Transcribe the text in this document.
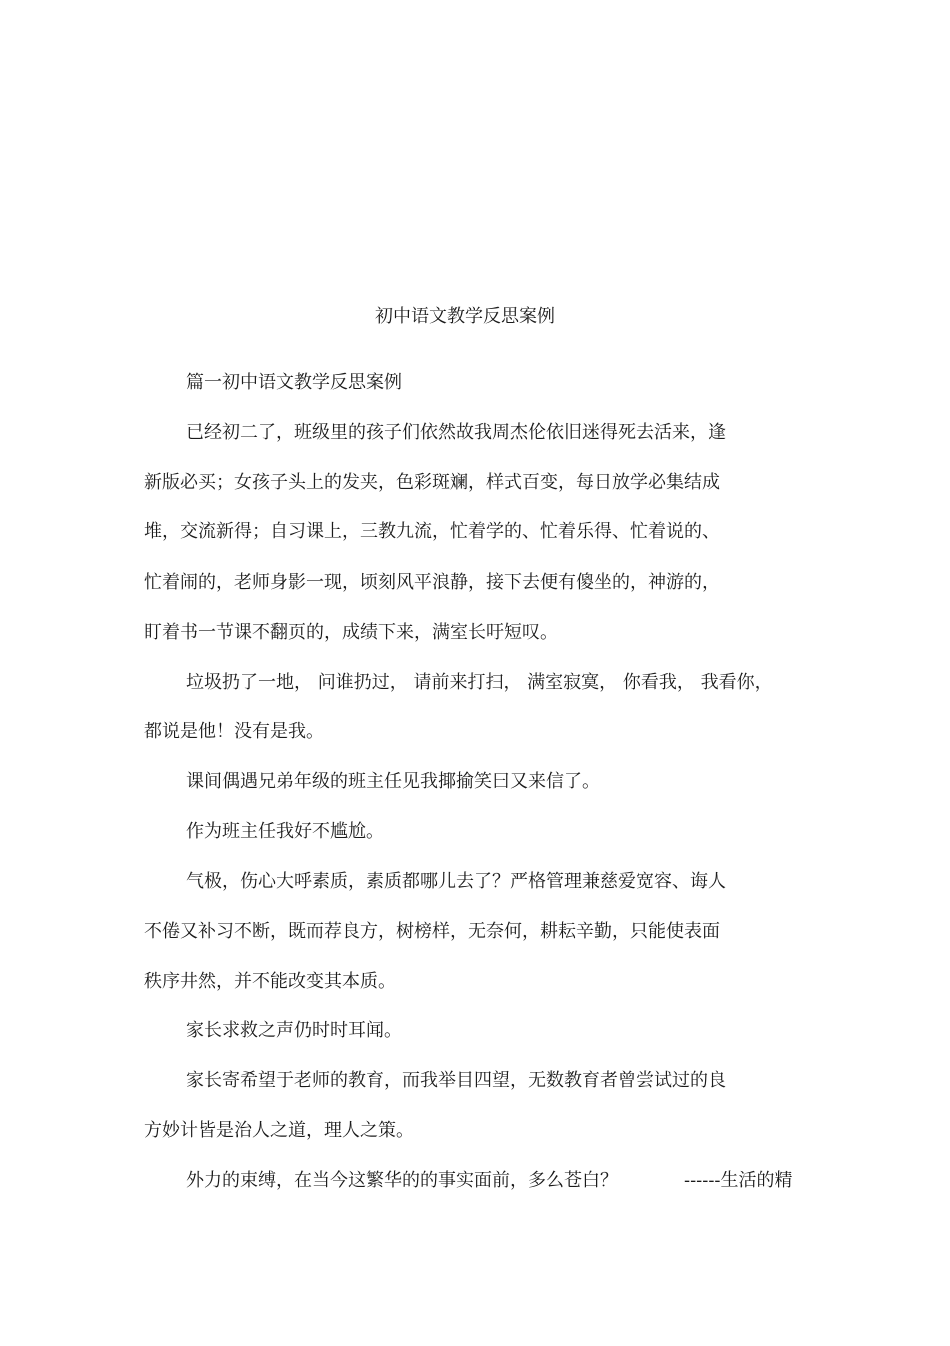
初中语文教学反思案例
篇一初中语文教学反思案例
已经初二了，班级里的孩子们依然故我周杰伦依旧迷得死去活来，逢
新版必买；女孩子头上的发夹，色彩斑斓，样式百变，每日放学必集结成
堆，交流新得；自习课上，三教九流，忙着学的、忙着乐得、忙着说的、
忙着闹的，老师身影一现，顷刻风平浪静，接下去便有傻坐的，神游的，
盯着书一节课不翻页的，成绩下来，满室长吁短叹。
垃圾扔了一地， 问谁扔过， 请前来打扫， 满室寂寞， 你看我， 我看你，
都说是他！没有是我。
课间偶遇兄弟年级的班主任见我揶揄笑曰又来信了。
作为班主任我好不尴尬。
气极，伤心大呼素质，素质都哪儿去了？严格管理兼慈爱宽容、诲人
不倦又补习不断，既而荐良方，树榜样，无奈何，耕耘辛勤，只能使表面
秩序井然，并不能改变其本质。
家长求救之声仍时时耳闻。
家长寄希望于老师的教育，而我举目四望，无数教育者曾尝试过的良
方妙计皆是治人之道，理人之策。
外力的束缚，在当今这繁华的的事实面前，多么苍白？	------生活的精
